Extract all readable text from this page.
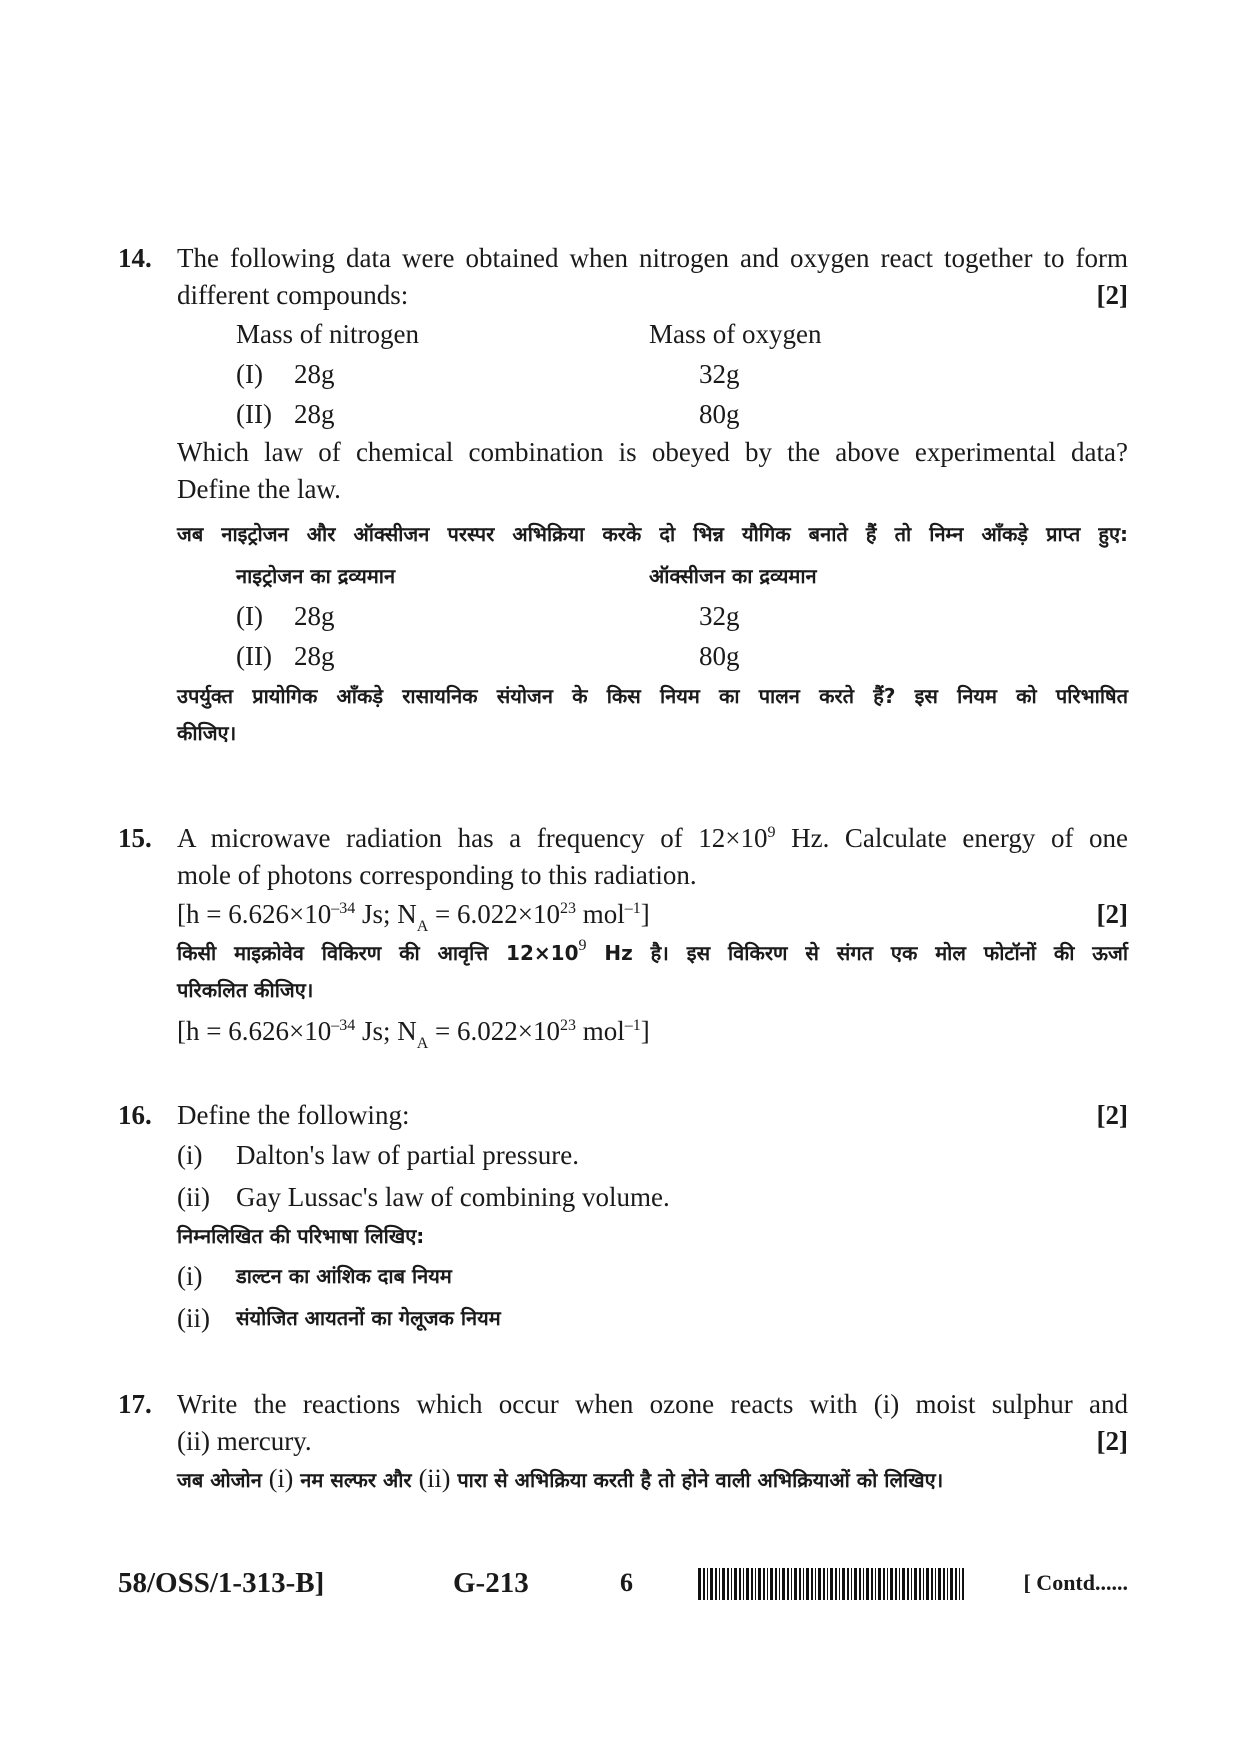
14. The following data were obtained when nitrogen and oxygen react together to form
different compounds:	[2]
Mass of nitrogen	Mass of oxygen
(I) 28g	32g
(II) 28g	80g
Which law of chemical combination is obeyed by the above experimental data?
Define the law.
जब नाइट्रोजन और ऑक्सीजन परस्पर अभिक्रिया करके दो भिन्न यौगिक बनाते हैं तो निम्न आँकड़े प्राप्त हुए:
नाइट्रोजन का द्रव्यमान	ऑक्सीजन का द्रव्यमान
(I) 28g	32g
(II) 28g	80g
उपर्युक्त प्रायोगिक आँकड़े रासायनिक संयोजन के किस नियम का पालन करते हैं? इस नियम को परिभाषित
कीजिए।
15. A microwave radiation has a frequency of $12\times 10^9$ Hz. Calculate energy of one
mole of photons corresponding to this radiation.
[$h = 6.626\times 10^{-34}$ Js; $N_A = 6.022\times 10^{23}$ mol$^{-1}$]	[2]
किसी माइक्रोवेव विकिरण की आवृत्ति $12\times 10^9$ Hz है। इस विकिरण से संगत एक मोल फोटॉनों की ऊर्जा
परिकलित कीजिए।
[$h = 6.626\times 10^{-34}$ Js; $N_A = 6.022\times 10^{23}$ mol$^{-1}$]
16. Define the following:	[2]
(i)	Dalton's law of partial pressure.
(ii) Gay Lussac's law of combining volume.
निम्नलिखित की परिभाषा लिखिए:
(i)	डाल्टन का आंशिक दाब नियम
(ii)	संयोजित आयतनों का गेलूजक नियम
17. Write the reactions which occur when ozone reacts with (i) moist sulphur and
(ii) mercury.	[2]
जब ओजोन (i) नम सल्फर और (ii) पारा से अभिक्रिया करती है तो होने वाली अभिक्रियाओं को लिखिए।
58/OSS/1-313-B]	G-213	6	[ Contd......
